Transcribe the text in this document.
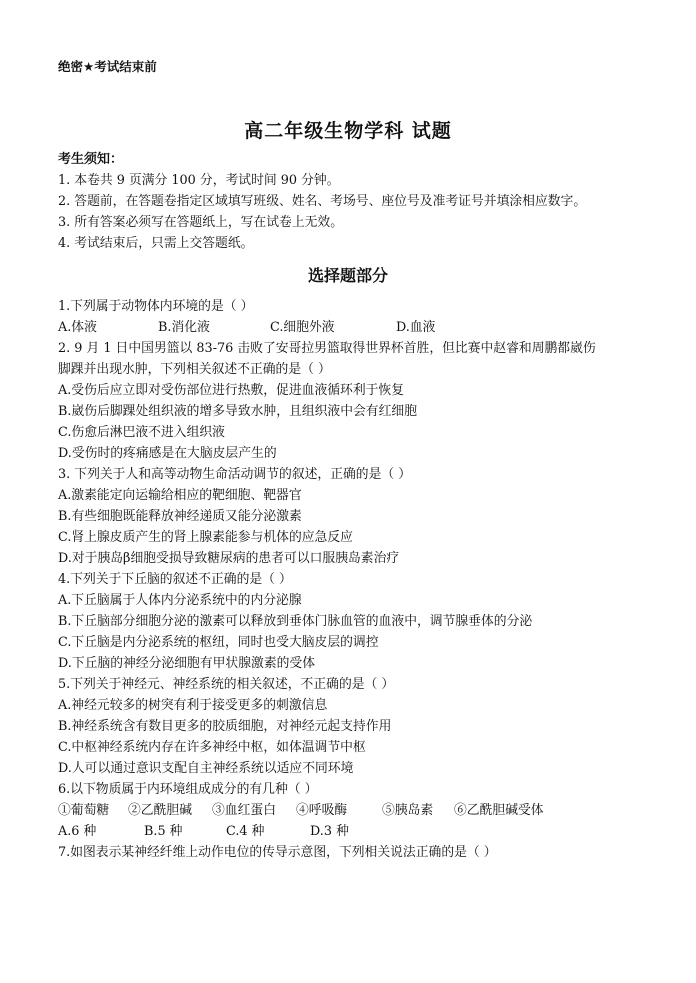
绝密★考试结束前
高二年级生物学科 试题
考生须知：
1. 本卷共 9 页满分 100 分，考试时间 90 分钟。
2. 答题前，在答题卷指定区域填写班级、姓名、考场号、座位号及准考证号并填涂相应数字。
3. 所有答案必须写在答题纸上，写在试卷上无效。
4. 考试结束后，只需上交答题纸。
选择题部分
1.下列属于动物体内环境的是（ ）
A.体液	B.消化液	C.细胞外液	D.血液
2. 9 月 1 日中国男篮以 83-76 击败了安哥拉男篮取得世界杯首胜，但比赛中赵睿和周鹏都崴伤
脚踝并出现水肿，下列相关叙述不正确的是（ ）
A.受伤后应立即对受伤部位进行热敷，促进血液循环利于恢复
B.崴伤后脚踝处组织液的增多导致水肿，且组织液中会有红细胞
C.伤愈后淋巴液不进入组织液
D.受伤时的疼痛感是在大脑皮层产生的
3. 下列关于人和高等动物生命活动调节的叙述，正确的是（ ）
A.激素能定向运输给相应的靶细胞、靶器官
B.有些细胞既能释放神经递质又能分泌激素
C.肾上腺皮质产生的肾上腺素能参与机体的应急反应
D.对于胰岛β细胞受损导致糖尿病的患者可以口服胰岛素治疗
4.下列关于下丘脑的叙述不正确的是（ ）
A.下丘脑属于人体内分泌系统中的内分泌腺
B.下丘脑部分细胞分泌的激素可以释放到垂体门脉血管的血液中，调节腺垂体的分泌
C.下丘脑是内分泌系统的枢纽，同时也受大脑皮层的调控
D.下丘脑的神经分泌细胞有甲状腺激素的受体
5.下列关于神经元、神经系统的相关叙述，不正确的是（ ）
A.神经元较多的树突有利于接受更多的刺激信息
B.神经系统含有数目更多的胶质细胞，对神经元起支持作用
C.中枢神经系统内存在许多神经中枢，如体温调节中枢
D.人可以通过意识支配自主神经系统以适应不同环境
6.以下物质属于内环境组成成分的有几种（ ）
①葡萄糖 ②乙酰胆碱 ③血红蛋白 ④呼吸酶	⑤胰岛素 ⑥乙酰胆碱受体
A.6 种	B.5 种	C.4 种	D.3 种
7.如图表示某神经纤维上动作电位的传导示意图，下列相关说法正确的是（ ）
